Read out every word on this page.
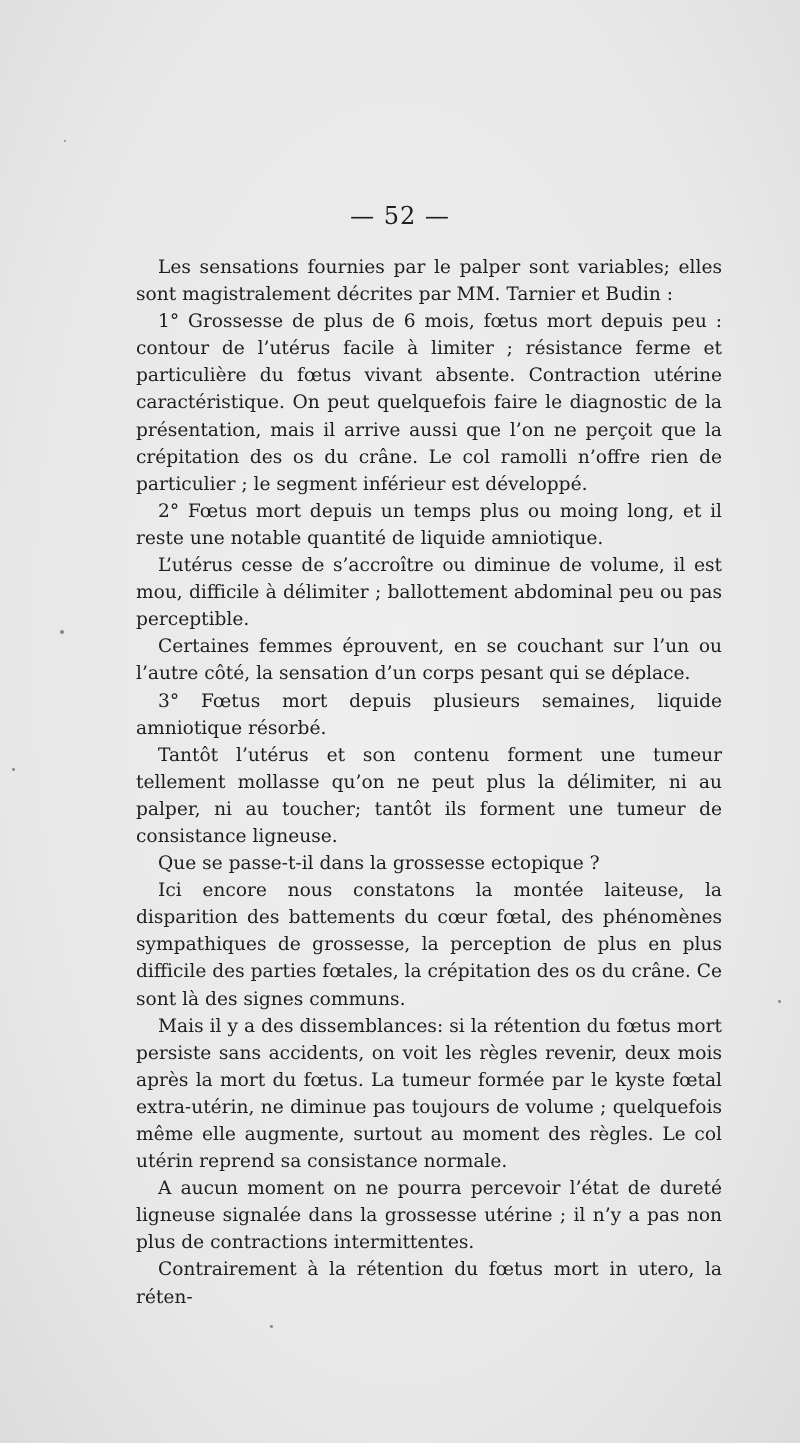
— 52 —

Les sensations fournies par le palper sont variables; elles sont magistralement décrites par MM. Tarnier et Budin :

1° Grossesse de plus de 6 mois, fœtus mort depuis peu : contour de l’utérus facile à limiter ; résistance ferme et particulière du fœtus vivant absente. Contraction utérine caractéristique. On peut quelquefois faire le diagnostic de la présentation, mais il arrive aussi que l’on ne perçoit que la crépitation des os du crâne. Le col ramolli n’offre rien de particulier ; le segment inférieur est développé.

2° Fœtus mort depuis un temps plus ou moing long, et il reste une notable quantité de liquide amniotique.

L’utérus cesse de s’accroître ou diminue de volume, il est mou, difficile à délimiter ; ballottement abdominal peu ou pas perceptible.

Certaines femmes éprouvent, en se couchant sur l’un ou l’autre côté, la sensation d’un corps pesant qui se déplace.

3° Fœtus mort depuis plusieurs semaines, liquide amniotique résorbé.

Tantôt l’utérus et son contenu forment une tumeur tellement mollasse qu’on ne peut plus la délimiter, ni au palper, ni au toucher; tantôt ils forment une tumeur de consistance ligneuse.

Que se passe-t-il dans la grossesse ectopique ?

Ici encore nous constatons la montée laiteuse, la disparition des battements du cœur fœtal, des phénomènes sympathiques de grossesse, la perception de plus en plus difficile des parties fœtales, la crépitation des os du crâne. Ce sont là des signes communs.

Mais il y a des dissemblances: si la rétention du fœtus mort persiste sans accidents, on voit les règles revenir, deux mois après la mort du fœtus. La tumeur formée par le kyste fœtal extra-utérin, ne diminue pas toujours de volume ; quelquefois même elle augmente, surtout au moment des règles. Le col utérin reprend sa consistance normale.

A aucun moment on ne pourra percevoir l’état de dureté ligneuse signalée dans la grossesse utérine ; il n’y a pas non plus de contractions intermittentes.

Contrairement à la rétention du fœtus mort in utero, la réten-
